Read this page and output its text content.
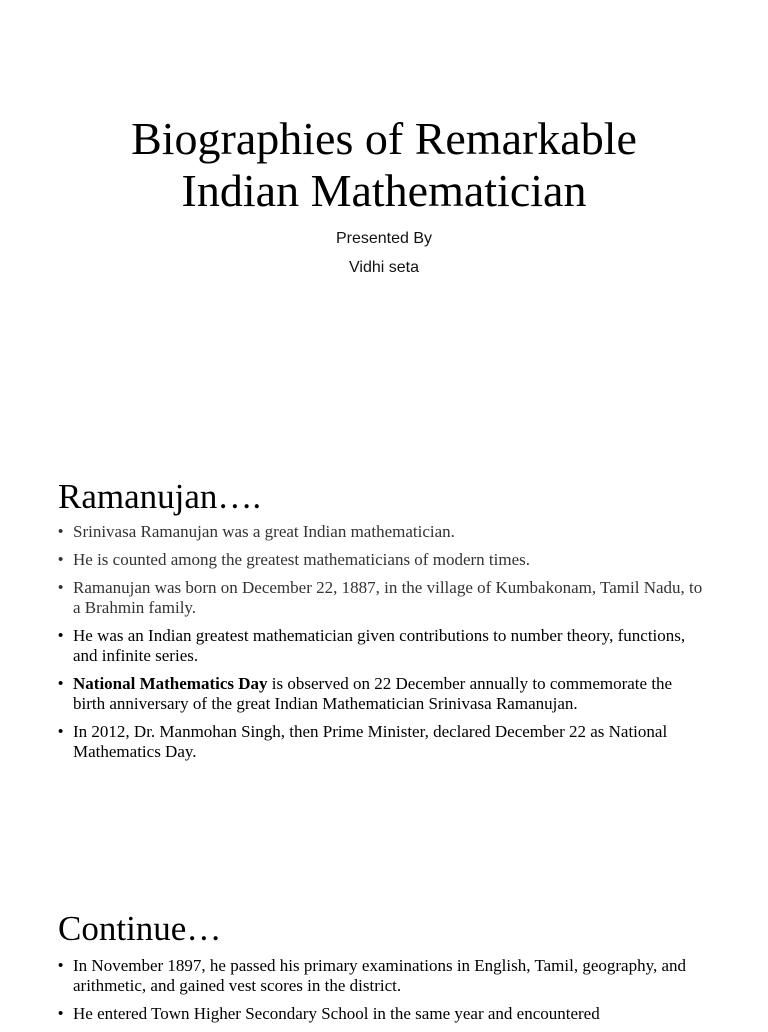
Biographies of Remarkable
Indian Mathematician
Presented By
Vidhi seta
Ramanujan….
• Srinivasa Ramanujan was a great Indian mathematician.
• He is counted among the greatest mathematicians of modern times.
• Ramanujan was born on December 22, 1887, in the village of Kumbakonam, Tamil Nadu, to a Brahmin family.
• He was an Indian greatest mathematician given contributions to number theory, functions, and infinite series.
• National Mathematics Day is observed on 22 December annually to commemorate the birth anniversary of the great Indian Mathematician Srinivasa Ramanujan.
• In 2012, Dr. Manmohan Singh, then Prime Minister, declared December 22 as National Mathematics Day.
Continue…
• In November 1897, he passed his primary examinations in English, Tamil, geography, and arithmetic, and gained vest scores in the district.
• He entered Town Higher Secondary School in the same year and encountered
